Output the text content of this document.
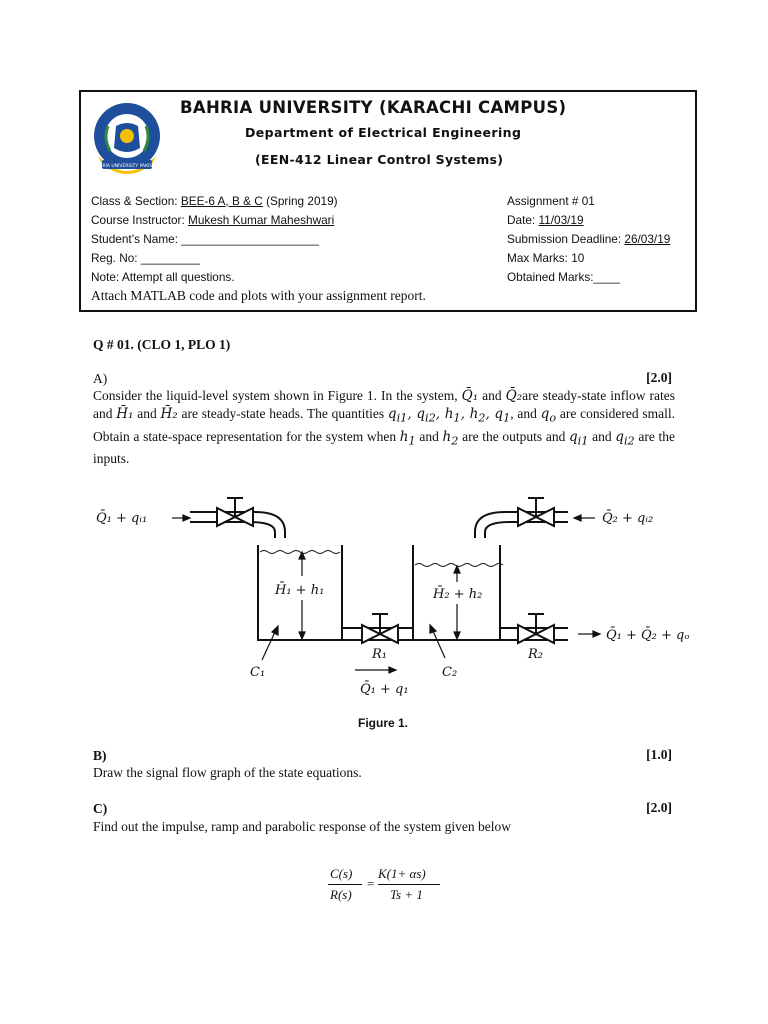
BAHRIA UNIVERSITY PAKISTAN
BAHRIA UNIVERSITY (KARACHI CAMPUS)
Department of Electrical Engineering
(EEN-412 Linear Control Systems)
Class & Section: BEE-6 A, B & C (Spring 2019)
Course Instructor: Mukesh Kumar Maheshwari
Student’s Name: _____________________
Reg. No: _________
Note: Attempt all questions.
Attach MATLAB code and plots with your assignment report.
Assignment # 01
Date: 11/03/19
Submission Deadline: 26/03/19
Max Marks: 10
Obtained Marks:____
Q # 01. (CLO 1, PLO 1)
A)	[2.0]
Consider the liquid-level system shown in Figure 1. In the system, Q̄₁ and Q̄₂are steady-state inflow rates and H̄₁ and H̄₂ are steady-state heads. The quantities $q_{i1}$, $q_{i2}$, $h_1$, $h_2$, $q_1$, and $q_o$ are considered small. Obtain a state-space representation for the system when $h_1$ and $h_2$ are the outputs and $q_{i1}$ and $q_{i2}$ are the inputs.
Q̄₁ + qᵢ₁	Q̄₂ + qᵢ₂
H̄₁ + h₁	H̄₂ + h₂
R₁	R₂
C₁	C₂
Q̄₁ + q₁
Q̄₁ + Q̄₂ + qₒ
Figure 1.
B)	[1.0]
Draw the signal flow graph of the state equations.
C)	[2.0]
Find out the impulse, ramp and parabolic response of the system given below
C(s)
R(s)
=
K(1+ αs)
Ts + 1
